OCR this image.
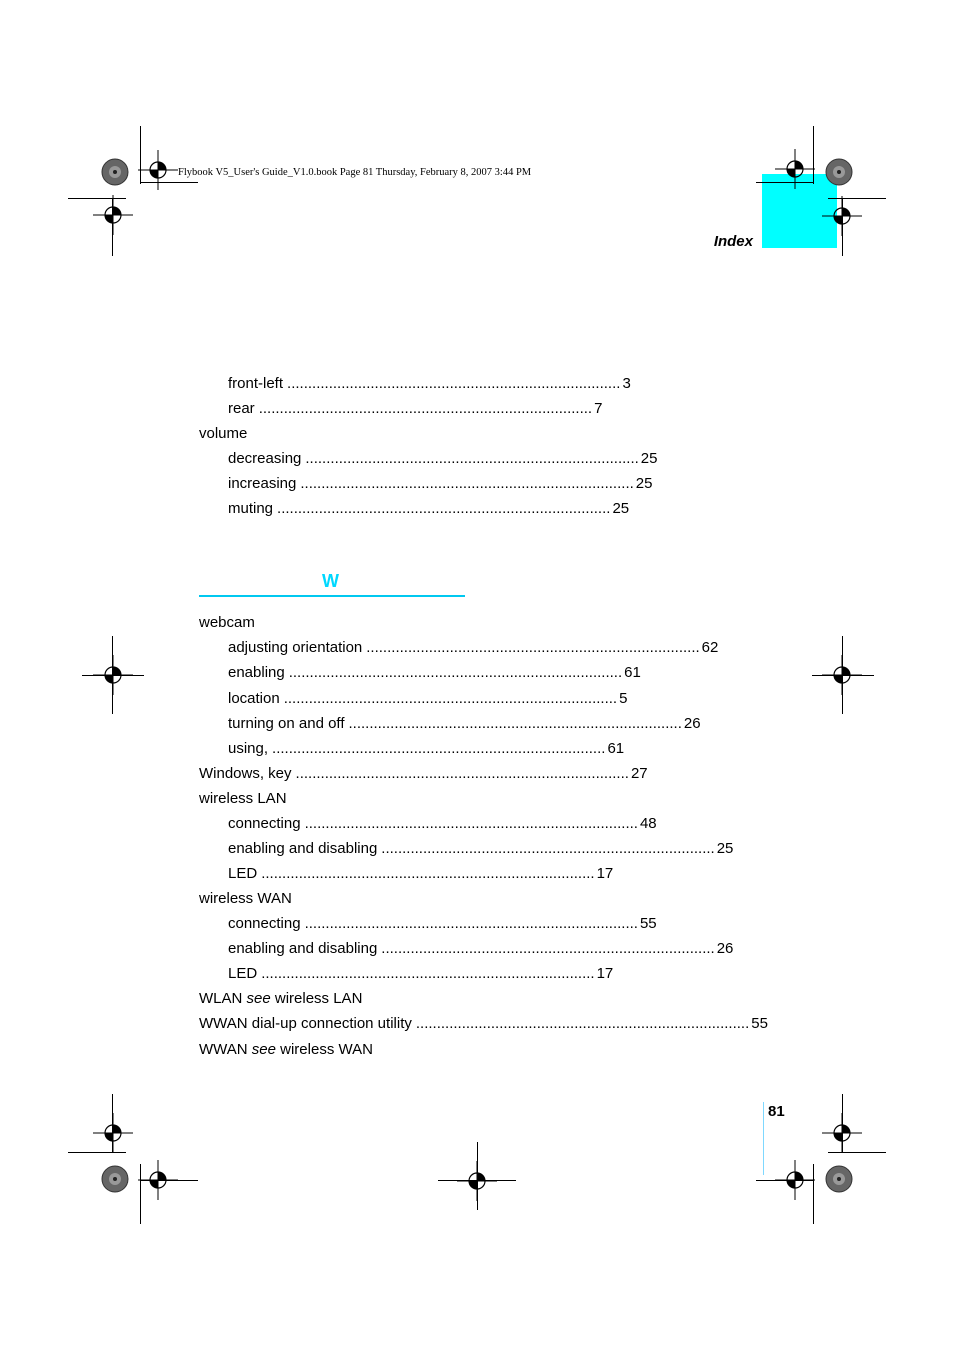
Flybook V5_User's Guide_V1.0.book Page 81 Thursday, February 8, 2007 3:44 PM
Index
front-left ................................................................................ 3
rear ................................................................................ 7
volume
decreasing ................................................................................ 25
increasing ................................................................................ 25
muting ................................................................................ 25
W
webcam
adjusting orientation ................................................................................ 62
enabling ................................................................................ 61
location ................................................................................ 5
turning on and off ................................................................................ 26
using, ................................................................................ 61
Windows, key ................................................................................ 27
wireless LAN
connecting ................................................................................ 48
enabling and disabling ................................................................................ 25
LED ................................................................................ 17
wireless WAN
connecting ................................................................................ 55
enabling and disabling ................................................................................ 26
LED ................................................................................ 17
WLAN see wireless LAN
WWAN dial-up connection utility ................................................................................ 55
WWAN see wireless WAN
81
